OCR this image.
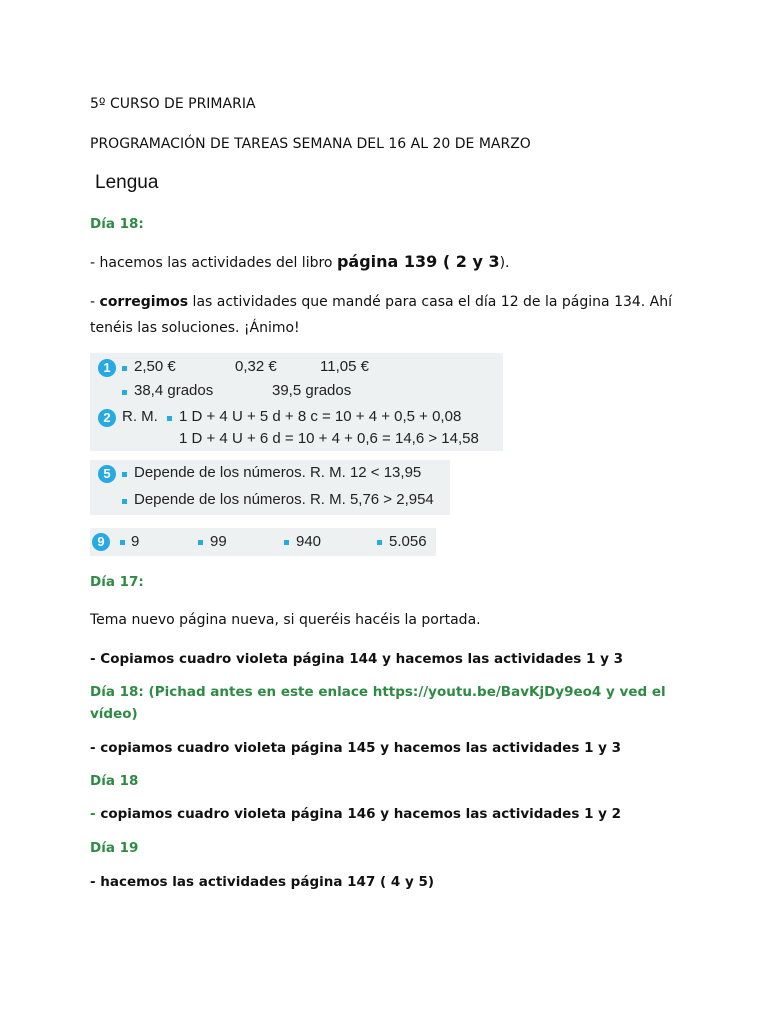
5º CURSO DE PRIMARIA
PROGRAMACIÓN DE TAREAS SEMANA DEL 16 AL 20 DE MARZO
Lengua
Día 18:
- hacemos las actividades del libro página 139 ( 2 y 3).
- corregimos las actividades que mandé para casa el día 12 de la página 134. Ahí
tenéis las soluciones. ¡Ánimo!
1	2,50 €	0,32 €	11,05 €
38,4 grados	39,5 grados
2 R. M. 1 D + 4 U + 5 d + 8 c = 10 + 4 + 0,5 + 0,08
1 D + 4 U + 6 d = 10 + 4 + 0,6 = 14,6 > 14,58
5	Depende de los números. R. M. 12 < 13,95
Depende de los números. R. M. 5,76 > 2,954
9	9	99	940	5.056
Día 17:
Tema nuevo página nueva, si queréis hacéis la portada.
- Copiamos cuadro violeta página 144 y hacemos las actividades 1 y 3
Día 18: (Pichad antes en este enlace https://youtu.be/BavKjDy9eo4 y ved el
vídeo)
- copiamos cuadro violeta página 145 y hacemos las actividades 1 y 3
Día 18
- copiamos cuadro violeta página 146 y hacemos las actividades 1 y 2
Día 19
- hacemos las actividades página 147 ( 4 y 5)
